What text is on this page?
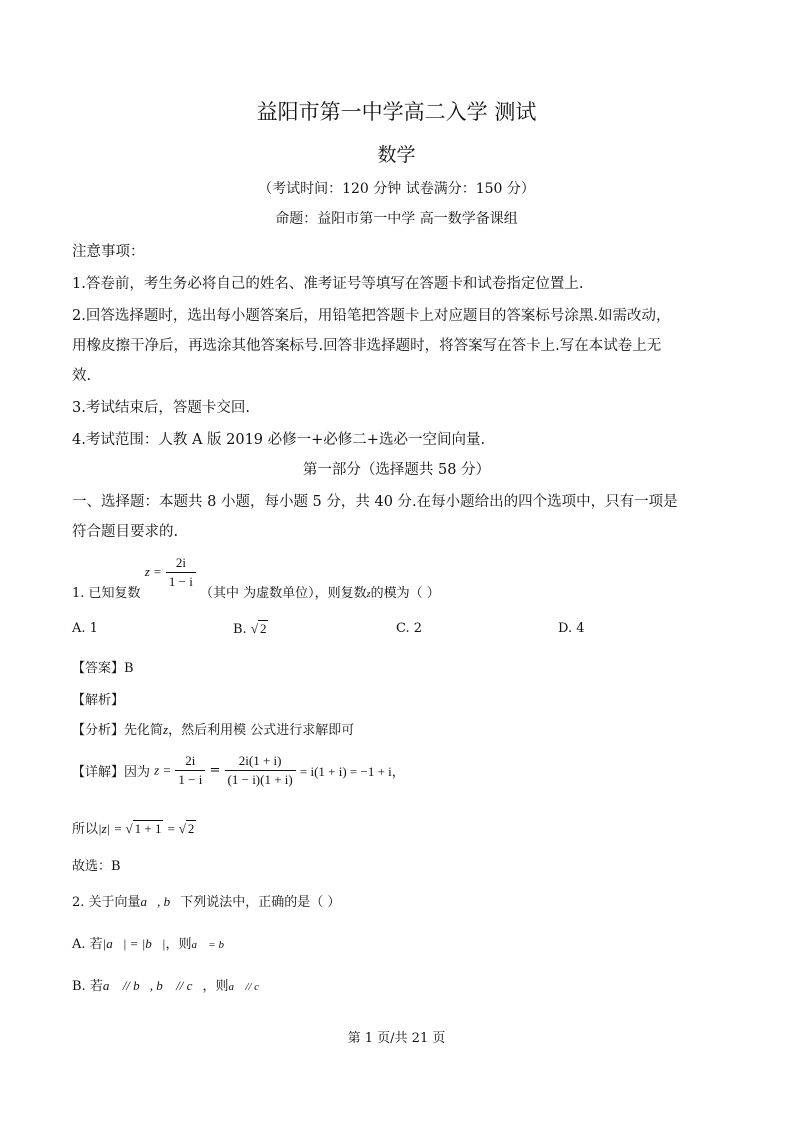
益阳市第一中学高二入学 测试
数学
（考试时间：120 分钟 试卷满分：150 分）
命题：益阳市第一中学 高一数学备课组
注意事项：
1.答卷前，考生务必将自己的姓名、准考证号等填写在答题卡和试卷指定位置上.
2.回答选择题时，选出每小题答案后，用铅笔把答题卡上对应题目的答案标号涂黑.如需改动，
用橡皮擦干净后，再选涂其他答案标号.回答非选择题时，将答案写在答卡上.写在本试卷上无
效.
3.考试结束后，答题卡交回.
4.考试范围：人教 A 版 2019 必修一+必修二+选必一空间向量.
第一部分（选择题共 58 分）
一、选择题：本题共 8 小题，每小题 5 分，共 40 分.在每小题给出的四个选项中，只有一项是
符合题目要求的.
1. 已知复数 $z = \frac{2i}{1 - i}$
（其中 为虚数单位），则复数z的模为（ ）
A. 1	B. √ 2	C. 2	D. 4
【答案】B
【解析】
【分析】先化简z，然后利用模 公式进行求解即可
【详解】因为 $z = \frac{2i}{1 - i} = \frac{2i(1 + i)}{(1 - i)(1 + i)} = i(1 + i) = -1 + i$，
所以|z| = √ 1 + 1 = √ 2
故选：B
2. 关于向量a⃗, b⃗下列说法中，正确的是（ ）
A. 若|a⃗| = |b⃗|，则a⃗ = b⃗
B. 若a⃗ // b⃗, b⃗ // c⃗，则a⃗ // c⃗
第 1 页/共 21 页
